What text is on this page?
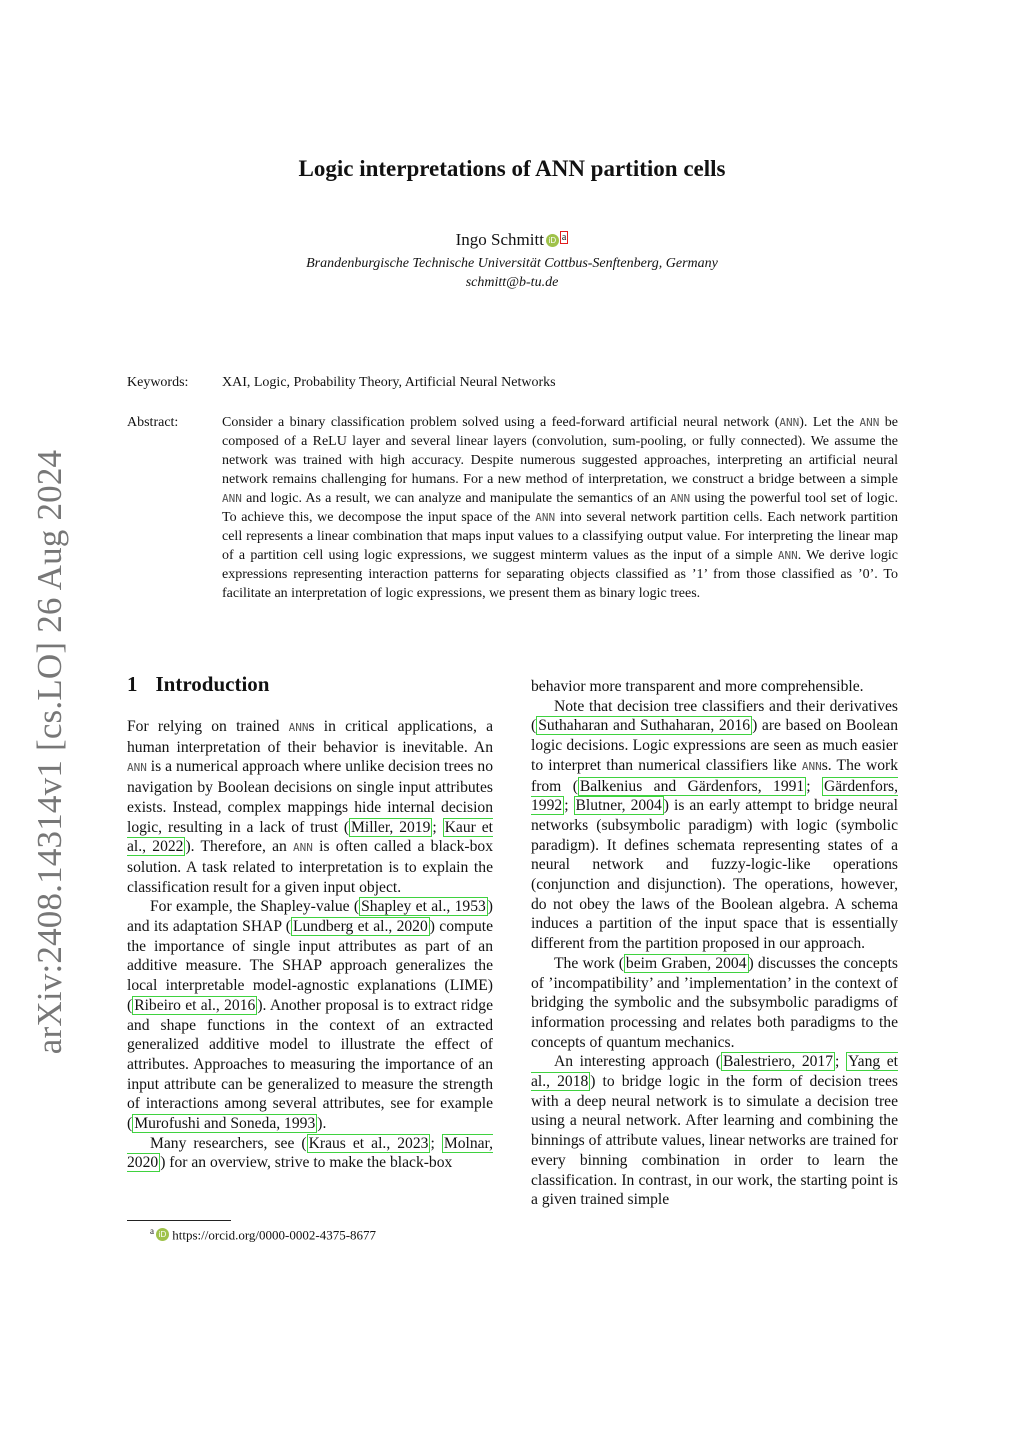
arXiv:2408.14314v1 [cs.LO] 26 Aug 2024
Logic interpretations of ANN partition cells
Ingo Schmitt iD a
Brandenburgische Technische Universität Cottbus-Senftenberg, Germany
schmitt@b-tu.de
Keywords: XAI, Logic, Probability Theory, Artificial Neural Networks
Abstract:	Consider a binary classification problem solved using a feed-forward artificial neural network (ANN). Let the ANN be composed of a ReLU layer and several linear layers (convolution, sum-pooling, or fully connected). We assume the network was trained with high accuracy. Despite numerous suggested approaches, interpreting an artificial neural network remains challenging for humans. For a new method of interpretation, we construct a bridge between a simple ANN and logic. As a result, we can analyze and manipulate the semantics of an ANN using the powerful tool set of logic. To achieve this, we decompose the input space of the ANN into several network partition cells. Each network partition cell represents a linear combination that maps input values to a classifying output value. For interpreting the linear map of a partition cell using logic expressions, we suggest minterm values as the input of a simple ANN. We derive logic expressions representing interaction patterns for separating objects classified as ’1’ from those classified as ’0’. To facilitate an interpretation of logic expressions, we present them as binary logic trees.
1 Introduction

For relying on trained ANNs in critical applications, a human interpretation of their behavior is inevitable. An ANN is a numerical approach where unlike decision trees no navigation by Boolean decisions on single input attributes exists. Instead, complex mappings hide internal decision logic, resulting in a lack of trust ( Miller, 2019 ; Kaur et al., 2022 ). Therefore, an ANN is often called a black-box solution. A task related to interpretation is to explain the classification result for a given input object.

For example, the Shapley-value ( Shapley et al., 1953 ) and its adaptation SHAP ( Lundberg et al., 2020 ) compute the importance of single input attributes as part of an additive measure. The SHAP approach generalizes the local interpretable model-agnostic explanations (LIME) ( Ribeiro et al., 2016 ). Another proposal is to extract ridge and shape functions in the context of an extracted generalized additive model to illustrate the effect of attributes. Approaches to measuring the importance of an input attribute can be generalized to measure the strength of interactions among several attributes, see for example ( Murofushi and Soneda, 1993 ).

Many researchers, see ( Kraus et al., 2023 ; Molnar, 2020 ) for an overview, strive to make the black-box

behavior more transparent and more comprehensible.

Note that decision tree classifiers and their derivatives ( Suthaharan and Suthaharan, 2016 ) are based on Boolean logic decisions. Logic expressions are seen as much easier to interpret than numerical classifiers like ANNs. The work from ( Balkenius and Gärdenfors, 1991 ; Gärdenfors, 1992 ; Blutner, 2004 ) is an early attempt to bridge neural networks (subsymbolic paradigm) with logic (symbolic paradigm). It defines schemata representing states of a neural network and fuzzy-logic-like operations (conjunction and disjunction). The operations, however, do not obey the laws of the Boolean algebra. A schema induces a partition of the input space that is essentially different from the partition proposed in our approach.

The work ( beim Graben, 2004 ) discusses the concepts of ’incompatibility’ and ’implementation’ in the context of bridging the symbolic and the subsymbolic paradigms of information processing and relates both paradigms to the concepts of quantum mechanics.

An interesting approach ( Balestriero, 2017 ; Yang et al., 2018 ) to bridge logic in the form of decision trees with a deep neural network is to simulate a decision tree using a neural network. After learning and combining the binnings of attribute values, linear networks are trained for every binning combination in order to learn the classification. In contrast, in our work, the starting point is a given trained simple

$^a$ iD https://orcid.org/0000-0002-4375-8677
